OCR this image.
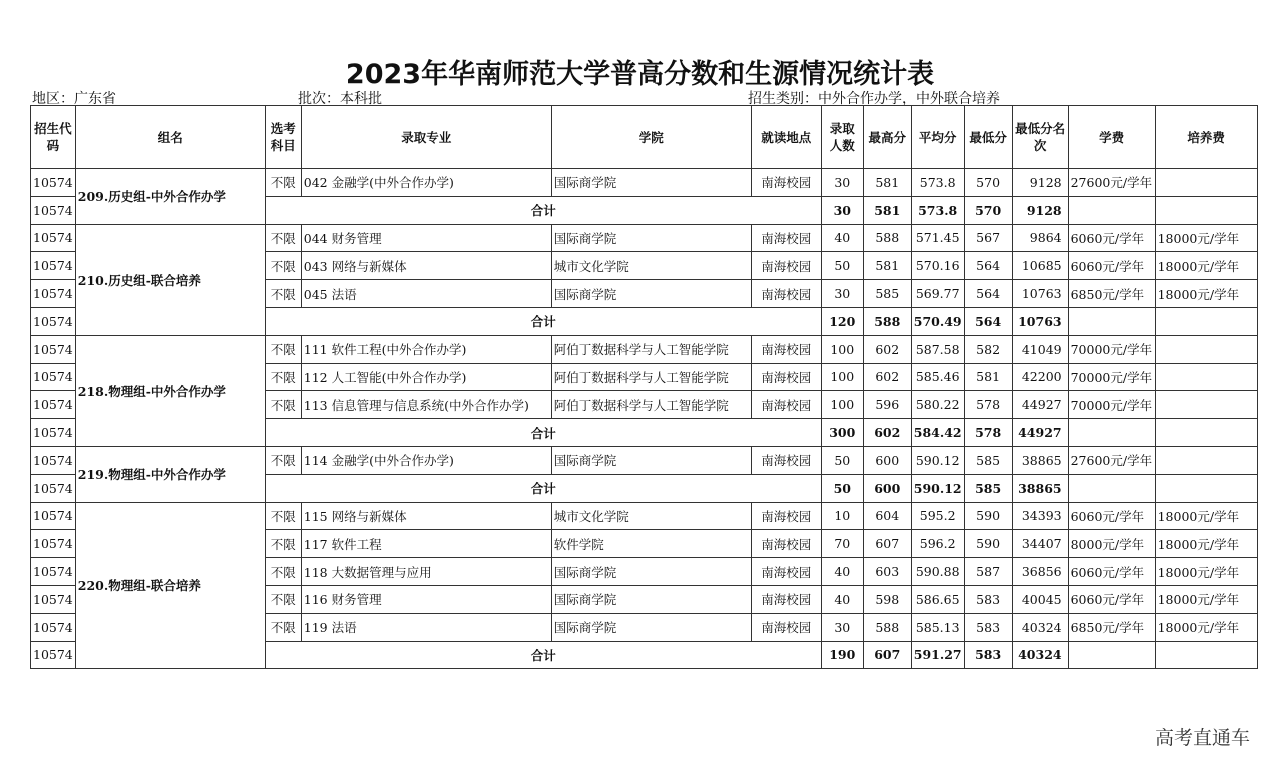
2023年华南师范大学普高分数和生源情况统计表
地区：广东省	批次：本科批	招生类别：中外合作办学，中外联合培养
招生代码	组名	选考科目	录取专业	学院	就读地点	录取人数	最高分	平均分	最低分	最低分名次	学费	培养费
10574	209.历史组-中外合作办学	不限	042 金融学(中外合作办学)	国际商学院	南海校园	30	581	573.8	570	9128	27600元/学年	
10574		合计				30	581	573.8	570	9128		
10574	210.历史组-联合培养	不限	044 财务管理	国际商学院	南海校园	40	588	571.45	567	9864	6060元/学年	18000元/学年
10574		不限	043 网络与新媒体	城市文化学院	南海校园	50	581	570.16	564	10685	6060元/学年	18000元/学年
10574		不限	045 法语	国际商学院	南海校园	30	585	569.77	564	10763	6850元/学年	18000元/学年
10574		合计				120	588	570.49	564	10763		
10574	218.物理组-中外合作办学	不限	111 软件工程(中外合作办学)	阿伯丁数据科学与人工智能学院	南海校园	100	602	587.58	582	41049	70000元/学年	
10574		不限	112 人工智能(中外合作办学)	阿伯丁数据科学与人工智能学院	南海校园	100	602	585.46	581	42200	70000元/学年	
10574		不限	113 信息管理与信息系统(中外合作办学)	阿伯丁数据科学与人工智能学院	南海校园	100	596	580.22	578	44927	70000元/学年	
10574		合计				300	602	584.42	578	44927		
10574	219.物理组-中外合作办学	不限	114 金融学(中外合作办学)	国际商学院	南海校园	50	600	590.12	585	38865	27600元/学年	
10574		合计				50	600	590.12	585	38865		
10574	220.物理组-联合培养	不限	115 网络与新媒体	城市文化学院	南海校园	10	604	595.2	590	34393	6060元/学年	18000元/学年
10574		不限	117 软件工程	软件学院	南海校园	70	607	596.2	590	34407	8000元/学年	18000元/学年
10574		不限	118 大数据管理与应用	国际商学院	南海校园	40	603	590.88	587	36856	6060元/学年	18000元/学年
10574		不限	116 财务管理	国际商学院	南海校园	40	598	586.65	583	40045	6060元/学年	18000元/学年
10574		不限	119 法语	国际商学院	南海校园	30	588	585.13	583	40324	6850元/学年	18000元/学年
10574		合计				190	607	591.27	583	40324		
高考直通车
